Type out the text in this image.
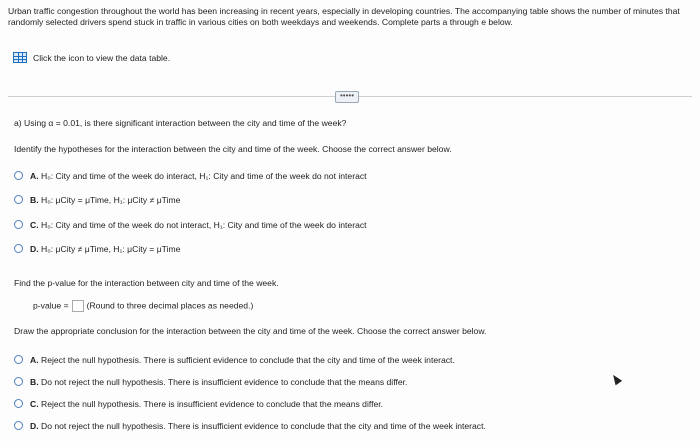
Urban traffic congestion throughout the world has been increasing in recent years, especially in developing countries. The accompanying table shows the number of minutes that randomly selected drivers spend stuck in traffic in various cities on both weekdays and weekends. Complete parts a through e below.
Click the icon to view the data table.
•••••
a) Using α = 0.01, is there significant interaction between the city and time of the week?
Identify the hypotheses for the interaction between the city and time of the week. Choose the correct answer below.
A. H₀: City and time of the week do interact, H₁: City and time of the week do not interact
B. H₀: μCity = μTime, H₁: μCity ≠ μTime
C. H₀: City and time of the week do not interact, H₁: City and time of the week do interact
D. H₀: μCity ≠ μTime, H₁: μCity = μTime
Find the p-value for the interaction between city and time of the week.
p-value = (Round to three decimal places as needed.)
Draw the appropriate conclusion for the interaction between the city and time of the week. Choose the correct answer below.
A. Reject the null hypothesis. There is sufficient evidence to conclude that the city and time of the week interact.
B. Do not reject the null hypothesis. There is insufficient evidence to conclude that the means differ.
C. Reject the null hypothesis. There is insufficient evidence to conclude that the means differ.
D. Do not reject the null hypothesis. There is insufficient evidence to conclude that the city and time of the week interact.
